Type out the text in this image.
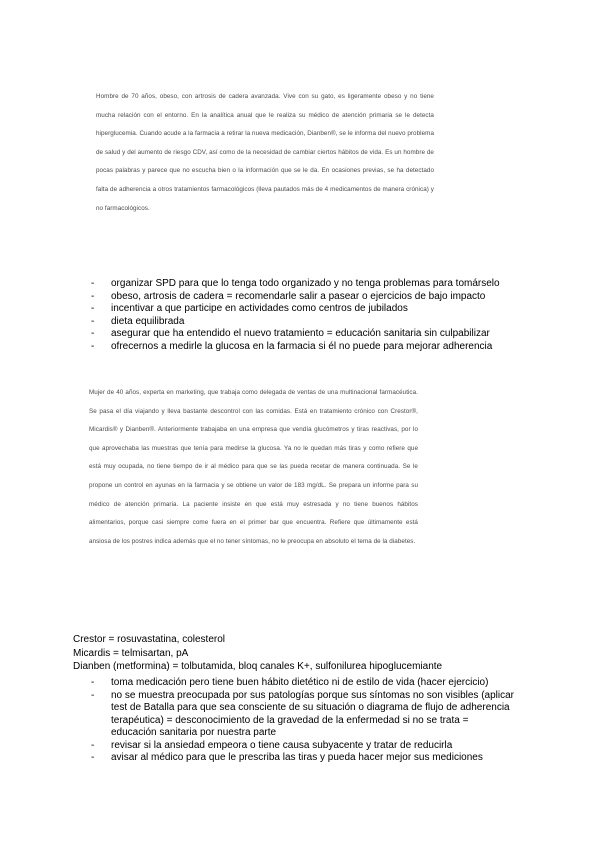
Hombre de 70 años, obeso, con artrosis de cadera avanzada. Vive con su gato, es ligeramente obeso y no tiene mucha relación con el entorno. En la analítica anual que le realiza su médico de atención primaria se le detecta hiperglucemia. Cuando acude a la farmacia a retirar la nueva medicación, Dianben®, se le informa del nuevo problema de salud y del aumento de riesgo CDV, así como de la necesidad de cambiar ciertos hábitos de vida. Es un hombre de pocas palabras y parece que no escucha bien o la información que se le da. En ocasiones previas, se ha detectado falta de adherencia a otros tratamientos farmacológicos (lleva pautados más de 4 medicamentos de manera crónica) y no farmacológicos.
- organizar SPD para que lo tenga todo organizado y no tenga problemas para tomárselo
- obeso, artrosis de cadera = recomendarle salir a pasear o ejercicios de bajo impacto
- incentivar a que participe en actividades como centros de jubilados
- dieta equilibrada
- asegurar que ha entendido el nuevo tratamiento = educación sanitaria sin culpabilizar
- ofrecernos a medirle la glucosa en la farmacia si él no puede para mejorar adherencia
Mujer de 40 años, experta en marketing, que trabaja como delegada de ventas de una multinacional farmacéutica. Se pasa el día viajando y lleva bastante descontrol con las comidas. Está en tratamiento crónico con Crestor®, Micardis® y Dianben®. Anteriormente trabajaba en una empresa que vendía glucómetros y tiras reactivas, por lo que aprovechaba las muestras que tenía para medirse la glucosa. Ya no le quedan más tiras y como refiere que está muy ocupada, no tiene tiempo de ir al médico para que se las pueda recetar de manera continuada. Se le propone un control en ayunas en la farmacia y se obtiene un valor de 183 mg/dL. Se prepara un informe para su médico de atención primaria. La paciente insiste en que está muy estresada y no tiene buenos hábitos alimentarios, porque casi siempre come fuera en el primer bar que encuentra. Refiere que últimamente está ansiosa de los postres indica además que el no tener síntomas, no le preocupa en absoluto el tema de la diabetes.
Crestor = rosuvastatina, colesterol
Micardis = telmisartan, pA
Dianben (metformina) = tolbutamida, bloq canales K+, sulfonilurea hipoglucemiante
- toma medicación pero tiene buen hábito dietético ni de estilo de vida (hacer ejercicio)
- no se muestra preocupada por sus patologías porque sus síntomas no son visibles (aplicar test de Batalla para que sea consciente de su situación o diagrama de flujo de adherencia terapéutica) = desconocimiento de la gravedad de la enfermedad si no se trata = educación sanitaria por nuestra parte
- revisar si la ansiedad empeora o tiene causa subyacente y tratar de reducirla
- avisar al médico para que le prescriba las tiras y pueda hacer mejor sus mediciones
